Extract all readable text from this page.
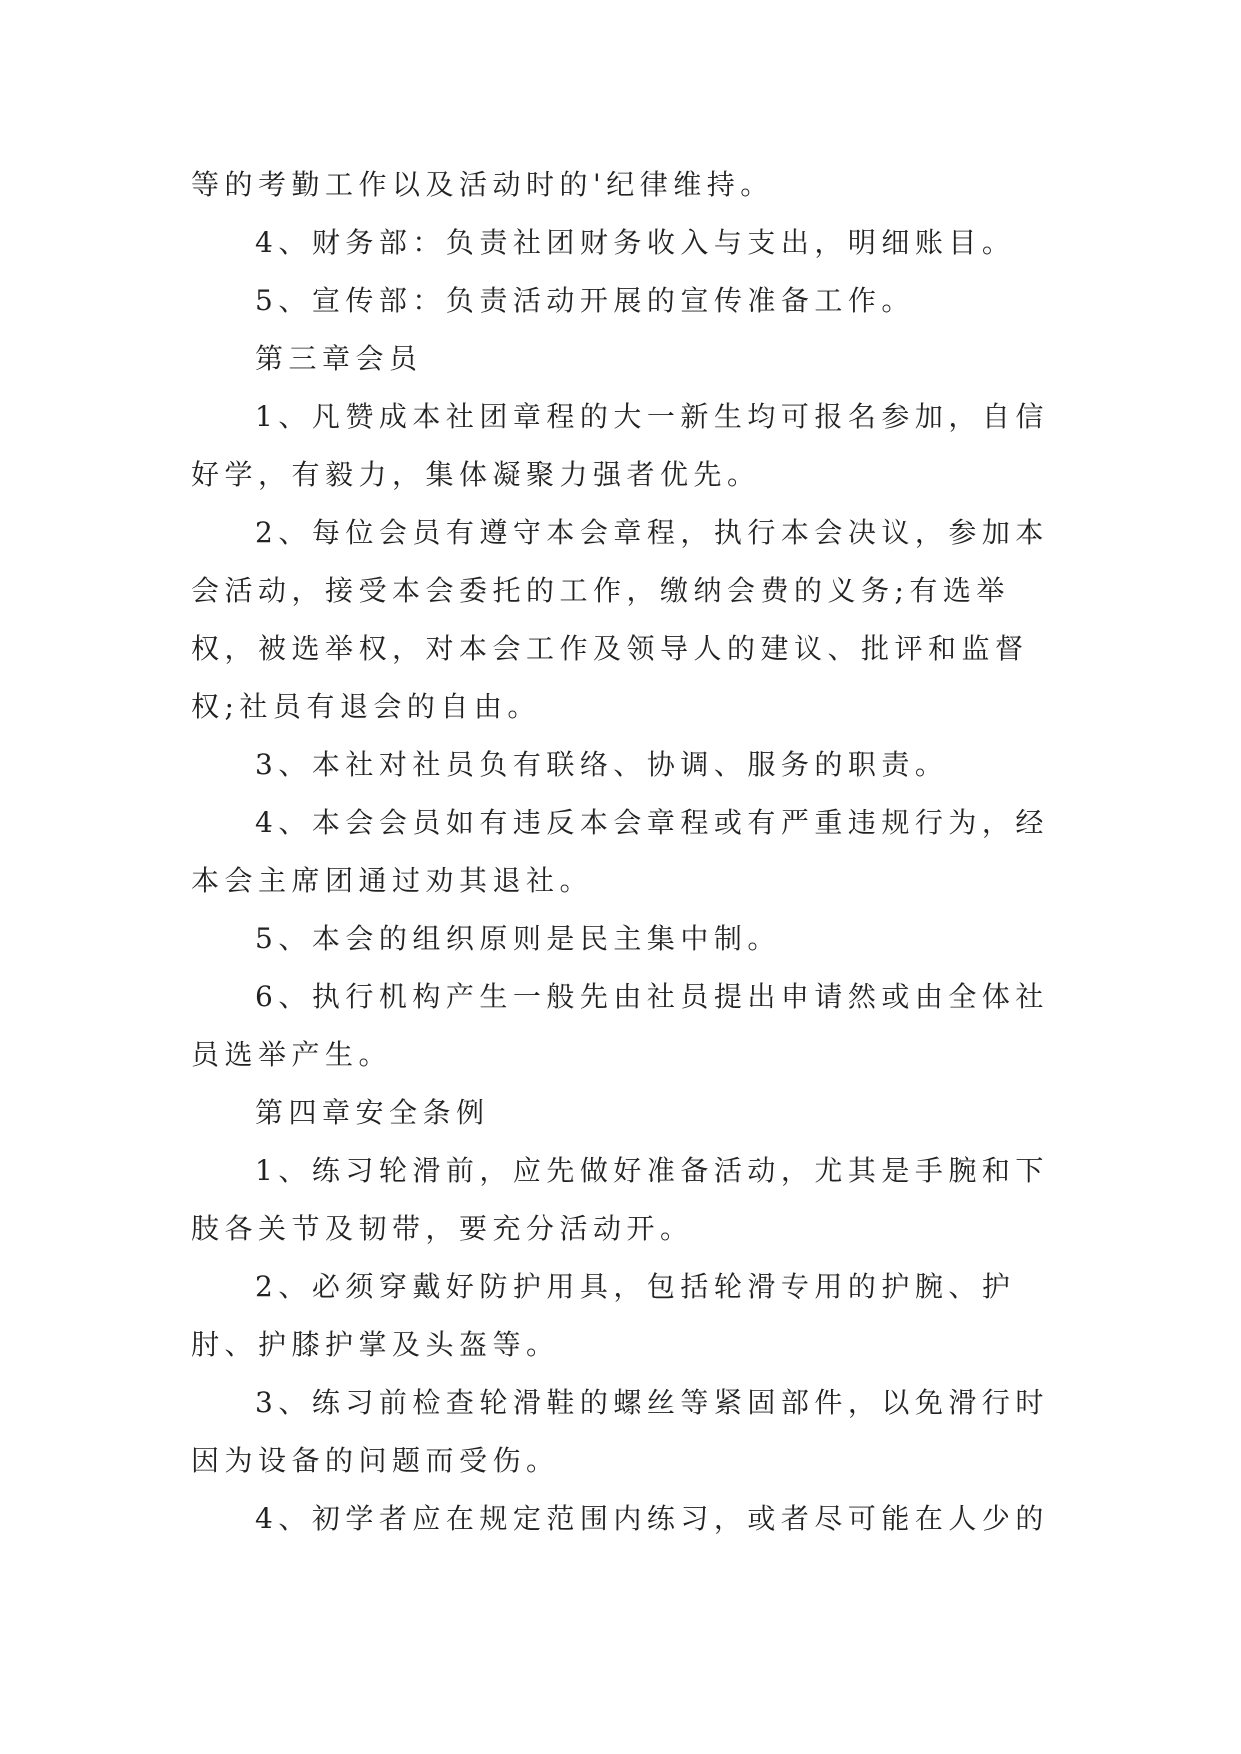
等的考勤工作以及活动时的'纪律维持。

4、财务部：负责社团财务收入与支出，明细账目。

5、宣传部：负责活动开展的宣传准备工作。

第三章会员

1、凡赞成本社团章程的大一新生均可报名参加，自信好学，有毅力，集体凝聚力强者优先。

2、每位会员有遵守本会章程，执行本会决议，参加本会活动，接受本会委托的工作，缴纳会费的义务;有选举权，被选举权，对本会工作及领导人的建议、批评和监督权;社员有退会的自由。

3、本社对社员负有联络、协调、服务的职责。

4、本会会员如有违反本会章程或有严重违规行为，经本会主席团通过劝其退社。

5、本会的组织原则是民主集中制。

6、执行机构产生一般先由社员提出申请然或由全体社员选举产生。

第四章安全条例

1、练习轮滑前，应先做好准备活动，尤其是手腕和下肢各关节及韧带，要充分活动开。

2、必须穿戴好防护用具，包括轮滑专用的护腕、护肘、护膝护掌及头盔等。

3、练习前检查轮滑鞋的螺丝等紧固部件，以免滑行时因为设备的问题而受伤。

4、初学者应在规定范围内练习，或者尽可能在人少的
